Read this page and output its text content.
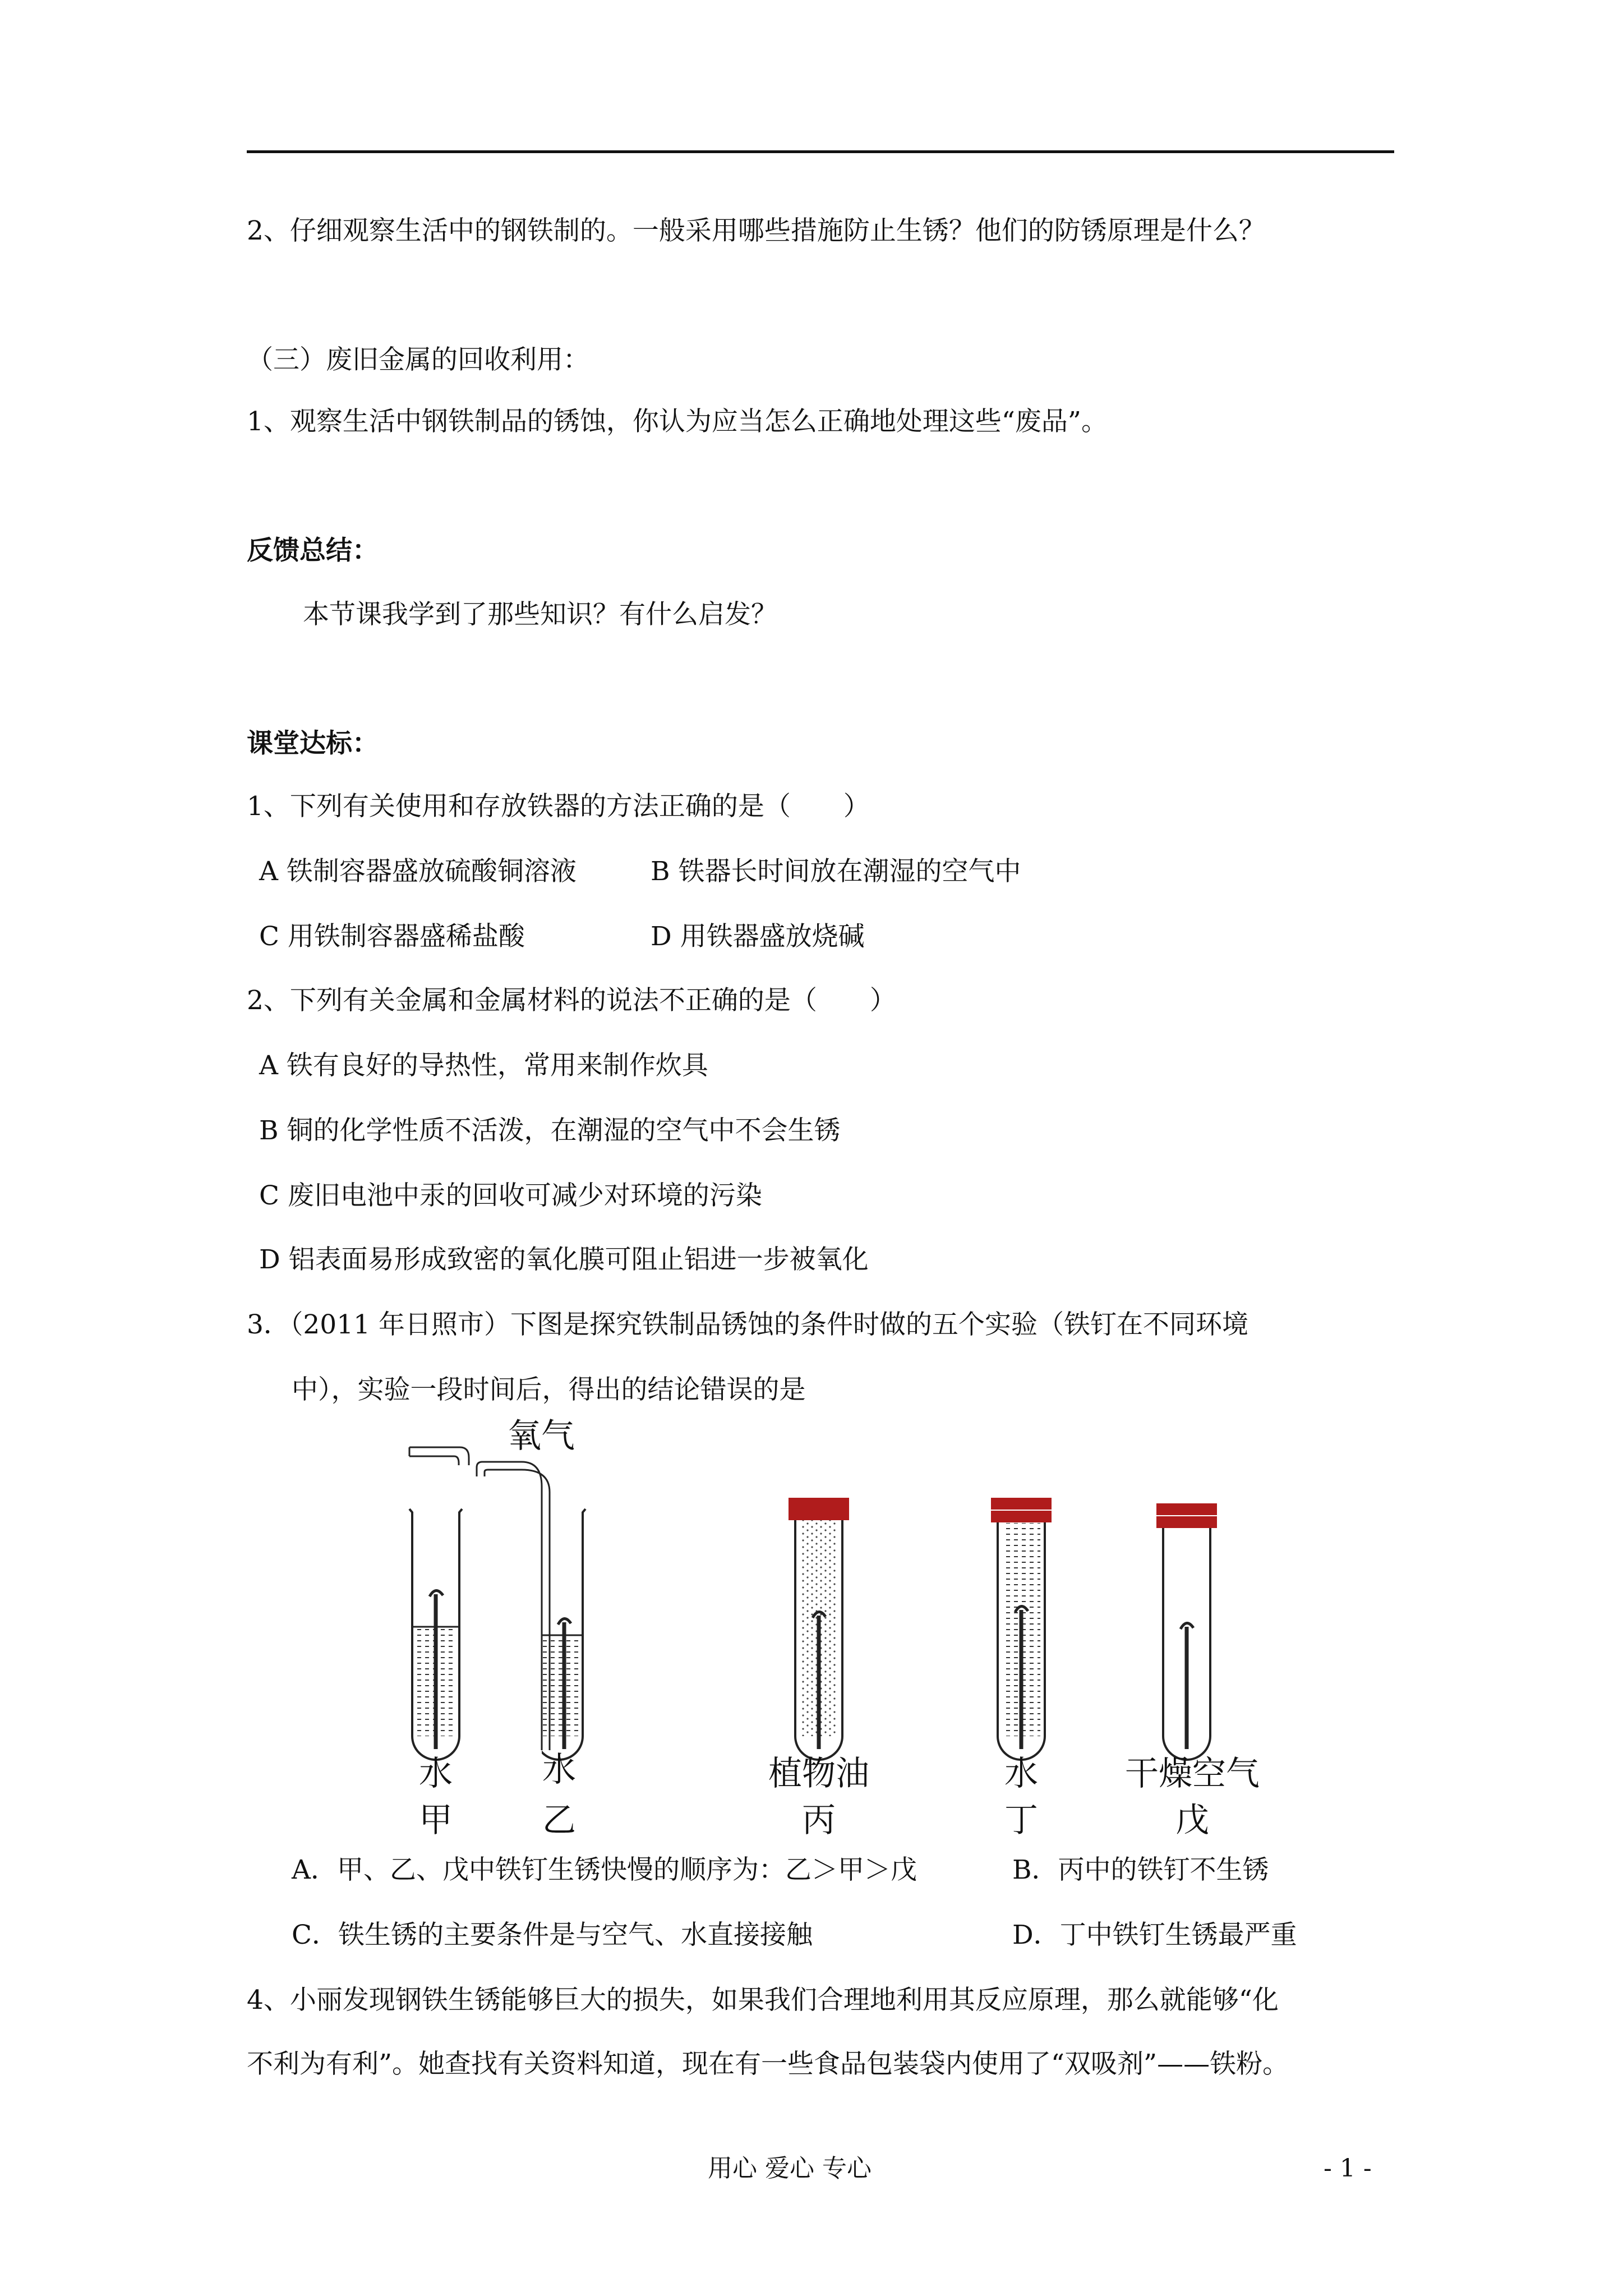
2、仔细观察生活中的钢铁制的。一般采用哪些措施防止生锈？他们的防锈原理是什么？
（三）废旧金属的回收利用：
1、观察生活中钢铁制品的锈蚀，你认为应当怎么正确地处理这些“废品”。
反馈总结：
本节课我学到了那些知识？有什么启发？
课堂达标：
1、下列有关使用和存放铁器的方法正确的是（　　）
A 铁制容器盛放硫酸铜溶液	B 铁器长时间放在潮湿的空气中
C 用铁制容器盛稀盐酸	D 用铁器盛放烧碱
2、下列有关金属和金属材料的说法不正确的是（　　）
A 铁有良好的导热性，常用来制作炊具
B 铜的化学性质不活泼，在潮湿的空气中不会生锈
C 废旧电池中汞的回收可减少对环境的污染
D 铝表面易形成致密的氧化膜可阻止铝进一步被氧化
3．（2011 年日照市）下图是探究铁制品锈蚀的条件时做的五个实验（铁钉在不同环境
中），实验一段时间后，得出的结论错误的是
水
甲
水
乙
氧气
植物油
丙
水
丁
干燥空气
戊
A．甲、乙、戊中铁钉生锈快慢的顺序为：乙＞甲＞戊	B．丙中的铁钉不生锈
C．铁生锈的主要条件是与空气、水直接接触	D．丁中铁钉生锈最严重
4、小丽发现钢铁生锈能够巨大的损失，如果我们合理地利用其反应原理，那么就能够“化
不利为有利”。她查找有关资料知道，现在有一些食品包装袋内使用了“双吸剂”——铁粉。
用心 爱心 专心	- 1 -
